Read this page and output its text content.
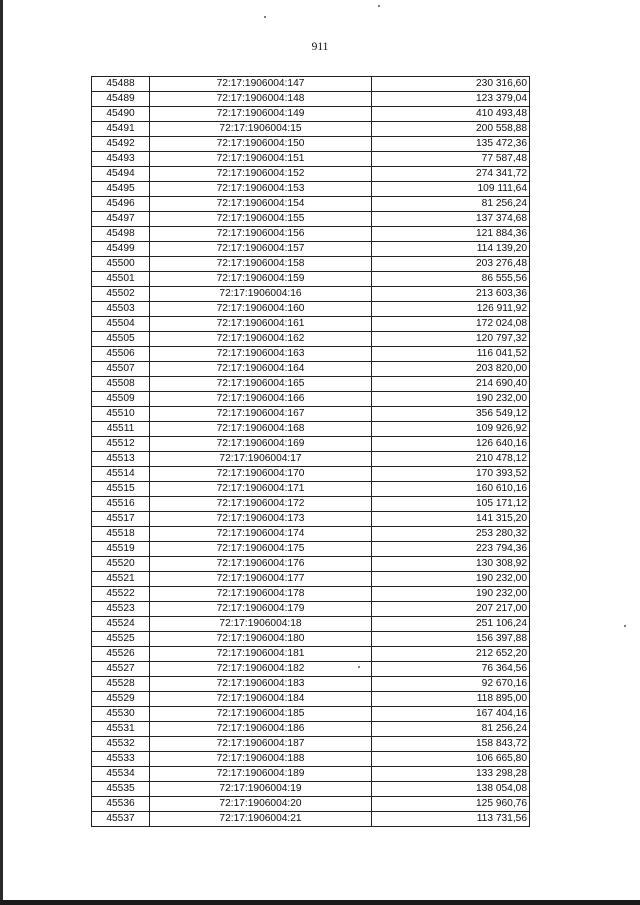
911
45488	72:17:1906004:147	230 316,60
45489	72:17:1906004:148	123 379,04
45490	72:17:1906004:149	410 493,48
45491	72:17:1906004:15	200 558,88
45492	72:17:1906004:150	135 472,36
45493	72:17:1906004:151	77 587,48
45494	72:17:1906004:152	274 341,72
45495	72:17:1906004:153	109 111,64
45496	72:17:1906004:154	81 256,24
45497	72:17:1906004:155	137 374,68
45498	72:17:1906004:156	121 884,36
45499	72:17:1906004:157	114 139,20
45500	72:17:1906004:158	203 276,48
45501	72:17:1906004:159	86 555,56
45502	72:17:1906004:16	213 603,36
45503	72:17:1906004:160	126 911,92
45504	72:17:1906004:161	172 024,08
45505	72:17:1906004:162	120 797,32
45506	72:17:1906004:163	116 041,52
45507	72:17:1906004:164	203 820,00
45508	72:17:1906004:165	214 690,40
45509	72:17:1906004:166	190 232,00
45510	72:17:1906004:167	356 549,12
45511	72:17:1906004:168	109 926,92
45512	72:17:1906004:169	126 640,16
45513	72:17:1906004:17	210 478,12
45514	72:17:1906004:170	170 393,52
45515	72:17:1906004:171	160 610,16
45516	72:17:1906004:172	105 171,12
45517	72:17:1906004:173	141 315,20
45518	72:17:1906004:174	253 280,32
45519	72:17:1906004:175	223 794,36
45520	72:17:1906004:176	130 308,92
45521	72:17:1906004:177	190 232,00
45522	72:17:1906004:178	190 232,00
45523	72:17:1906004:179	207 217,00
45524	72:17:1906004:18	251 106,24
45525	72:17:1906004:180	156 397,88
45526	72:17:1906004:181	212 652,20
45527	72:17:1906004:182	76 364,56
45528	72:17:1906004:183	92 670,16
45529	72:17:1906004:184	118 895,00
45530	72:17:1906004:185	167 404,16
45531	72:17:1906004:186	81 256,24
45532	72:17:1906004:187	158 843,72
45533	72:17:1906004:188	106 665,80
45534	72:17:1906004:189	133 298,28
45535	72:17:1906004:19	138 054,08
45536	72:17:1906004:20	125 960,76
45537	72:17:1906004:21	113 731,56
